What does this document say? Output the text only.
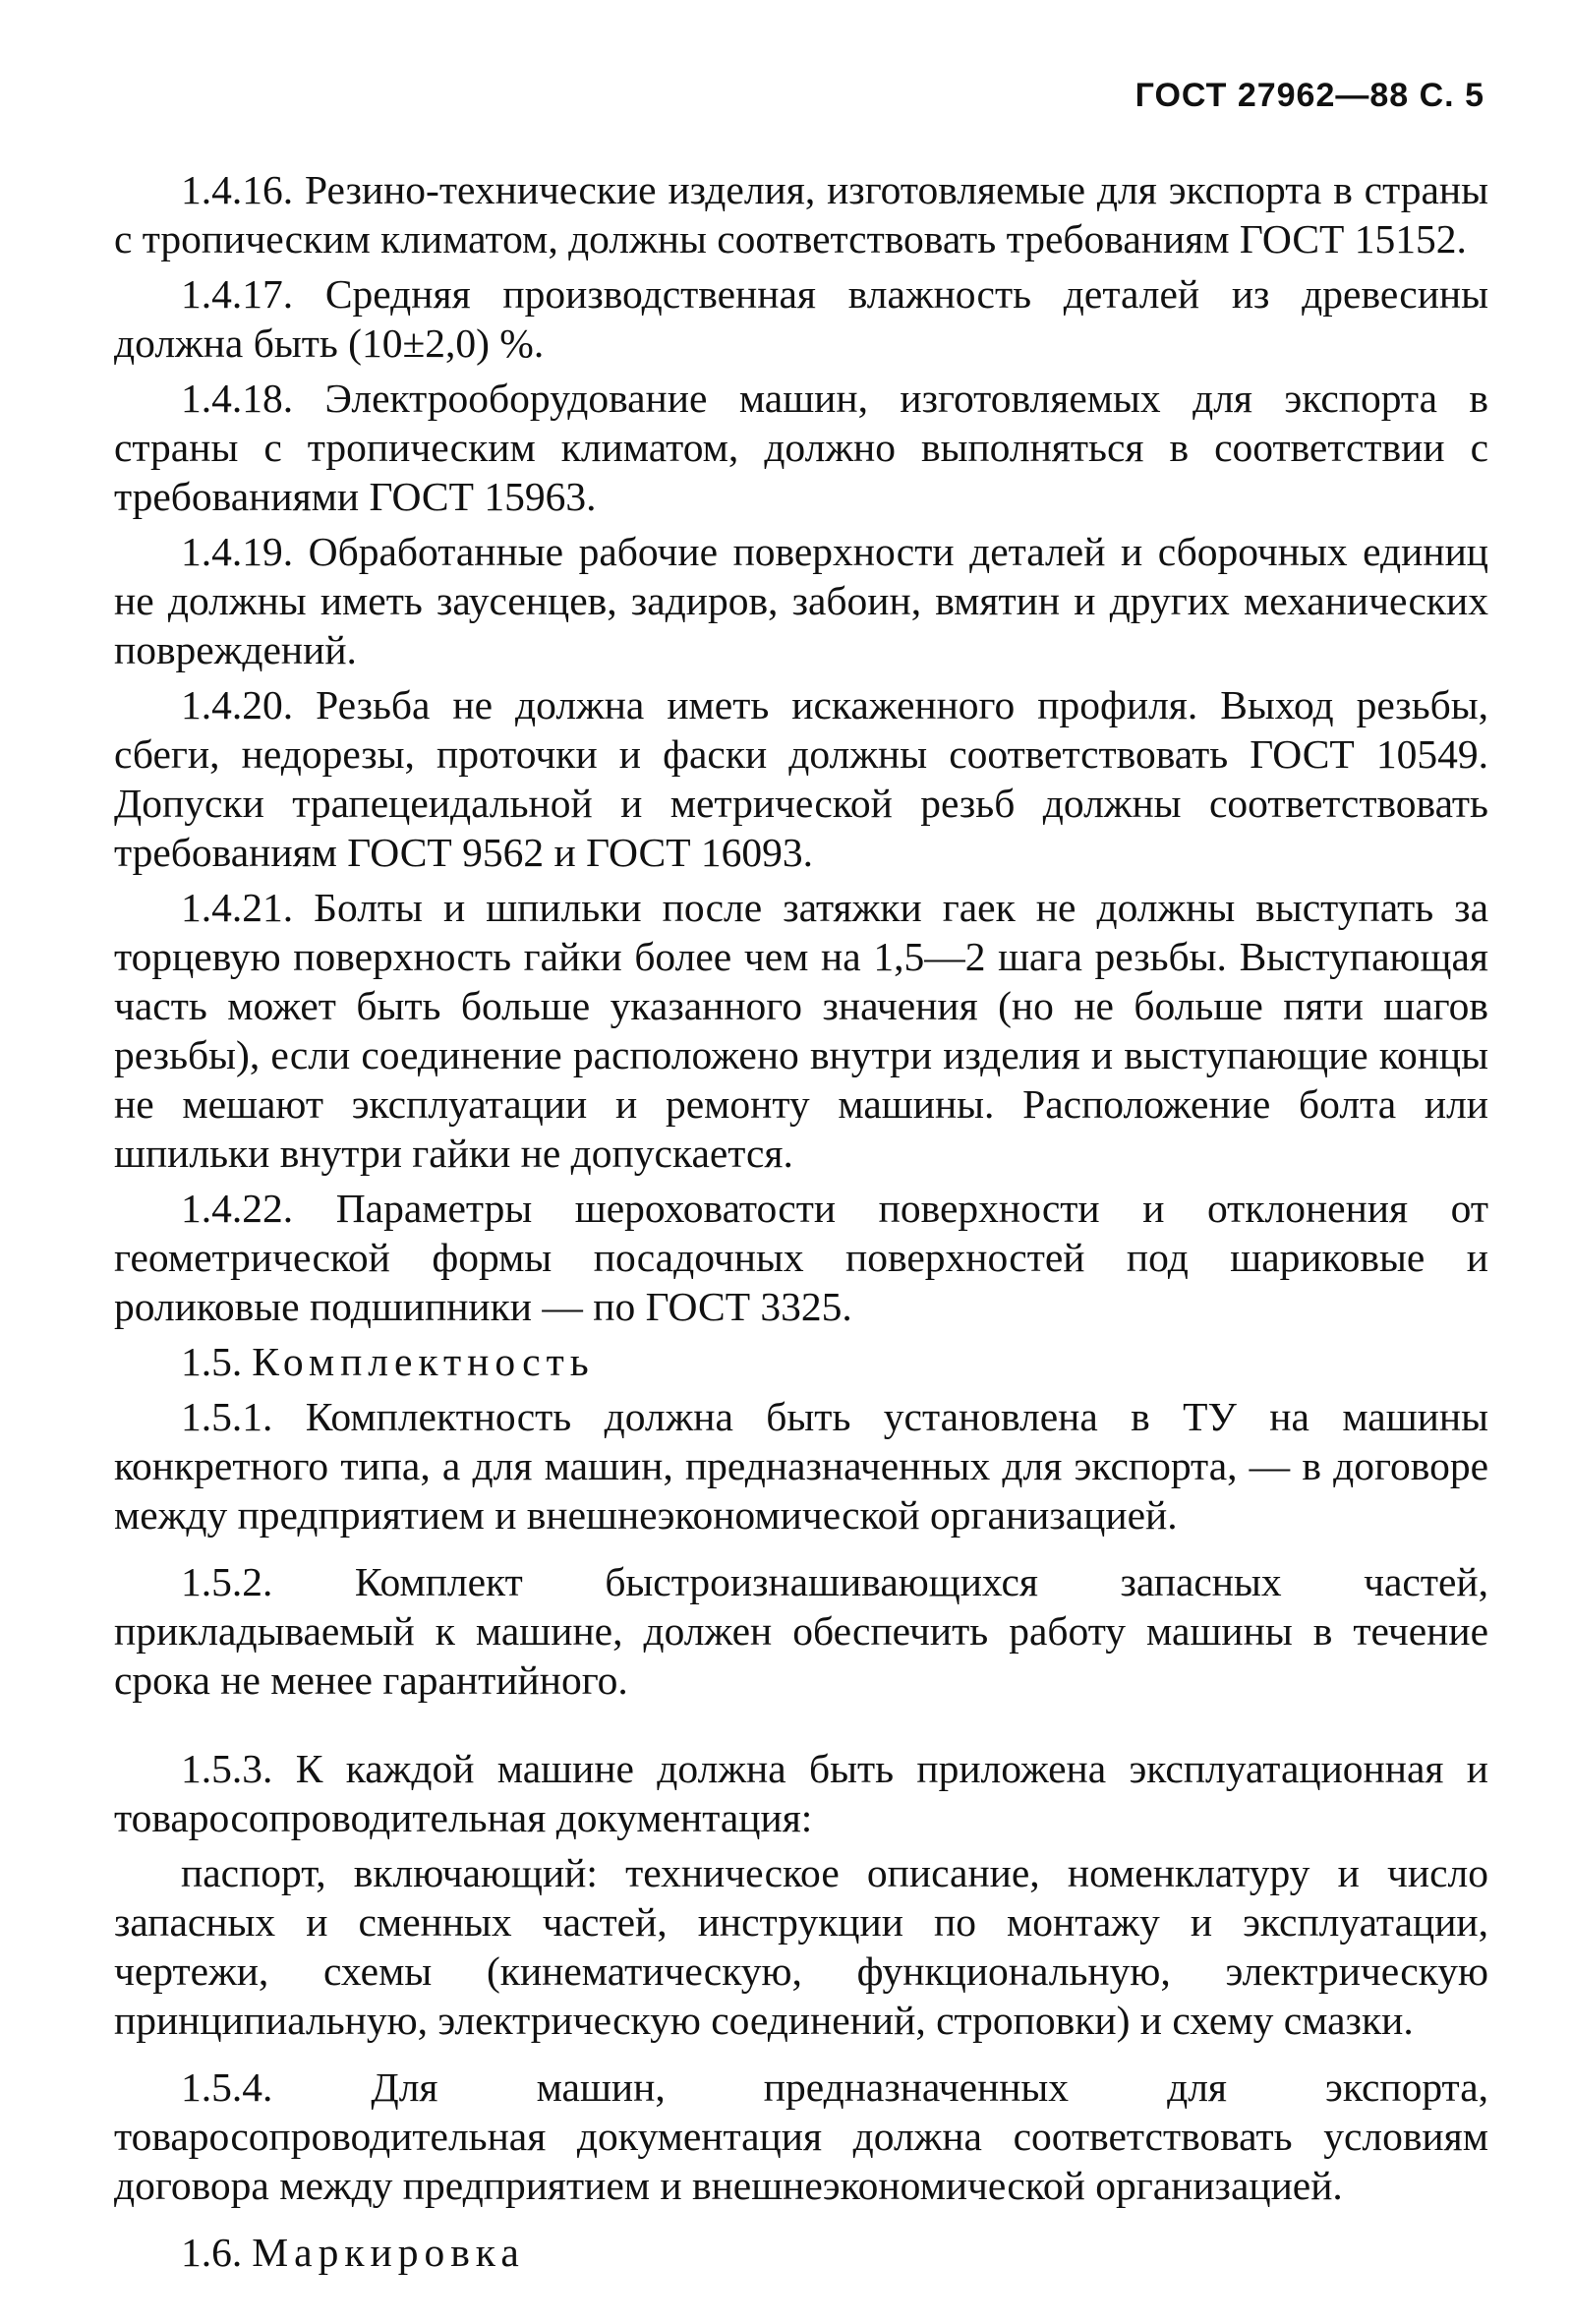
ГОСТ 27962—88 С. 5

1.4.16. Резино-технические изделия, изготовляемые для экспорта в страны с тропическим климатом, должны соответствовать требованиям ГОСТ 15152.

1.4.17. Средняя производственная влажность деталей из древесины должна быть (10±2,0) %.

1.4.18. Электрооборудование машин, изготовляемых для экспорта в страны с тропическим климатом, должно выполняться в соответствии с требованиями ГОСТ 15963.

1.4.19. Обработанные рабочие поверхности деталей и сборочных единиц не должны иметь заусенцев, задиров, забоин, вмятин и других механических повреждений.

1.4.20. Резьба не должна иметь искаженного профиля. Выход резьбы, сбеги, недорезы, проточки и фаски должны соответствовать ГОСТ 10549. Допуски трапецеидальной и метрической резьб должны соответствовать требованиям ГОСТ 9562 и ГОСТ 16093.

1.4.21. Болты и шпильки после затяжки гаек не должны выступать за торцевую поверхность гайки более чем на 1,5—2 шага резьбы. Выступающая часть может быть больше указанного значения (но не больше пяти шагов резьбы), если соединение расположено внутри изделия и выступающие концы не мешают эксплуатации и ремонту машины. Расположение болта или шпильки внутри гайки не допускается.

1.4.22. Параметры шероховатости поверхности и отклонения от геометрической формы посадочных поверхностей под шариковые и роликовые подшипники — по ГОСТ 3325.

1.5. Комплектность

1.5.1. Комплектность должна быть установлена в ТУ на машины конкретного типа, а для машин, предназначенных для экспорта, — в договоре между предприятием и внешнеэкономической организацией.

1.5.2. Комплект быстроизнашивающихся запасных частей, прикладываемый к машине, должен обеспечить работу машины в течение срока не менее гарантийного.

1.5.3. К каждой машине должна быть приложена эксплуатационная и товаросопроводительная документация:

паспорт, включающий: техническое описание, номенклатуру и число запасных и сменных частей, инструкции по монтажу и эксплуатации, чертежи, схемы (кинематическую, функциональную, электрическую принципиальную, электрическую соединений, строповки) и схему смазки.

1.5.4. Для машин, предназначенных для экспорта, товаросопроводительная документация должна соответствовать условиям договора между предприятием и внешнеэкономической организацией.

1.6. Маркировка
